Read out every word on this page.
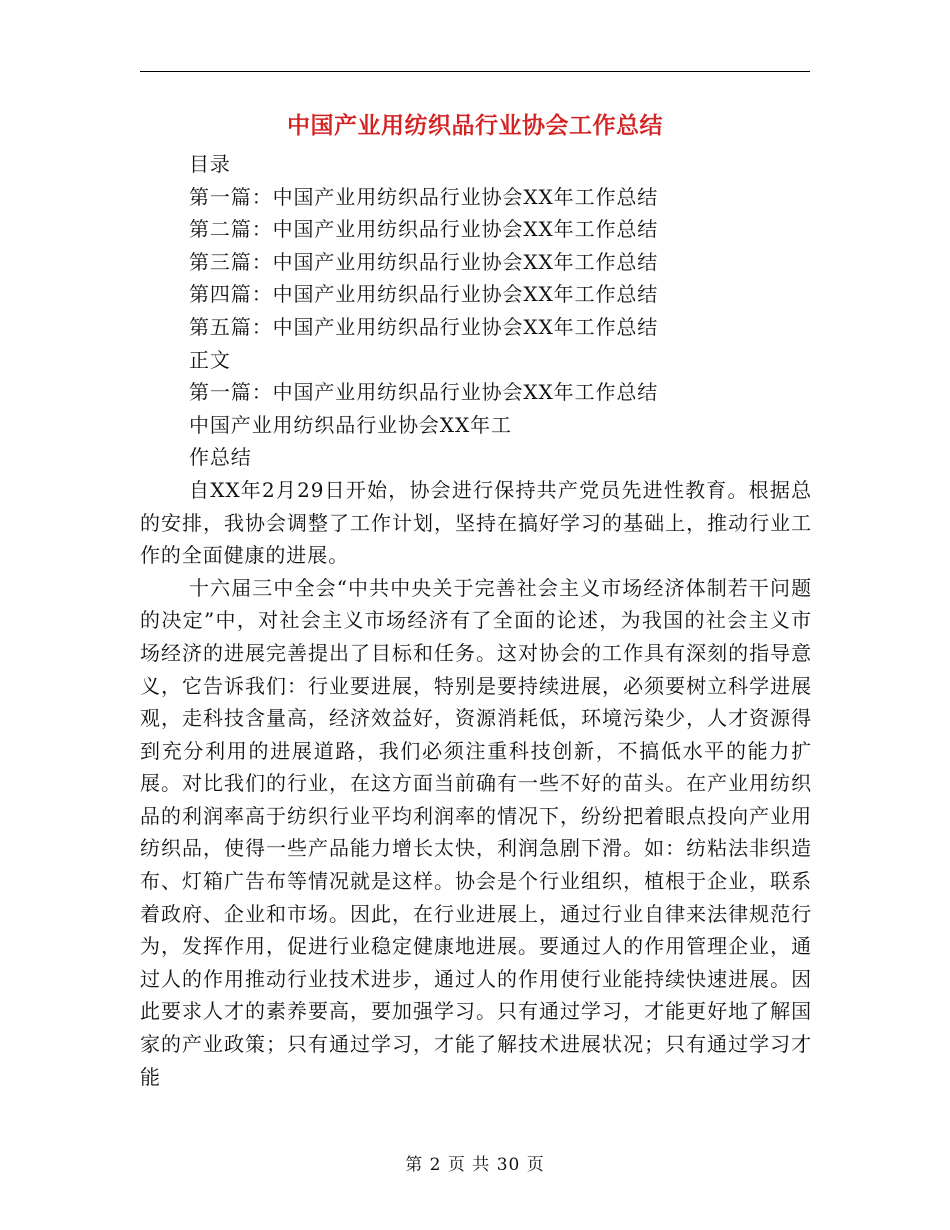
中国产业用纺织品行业协会工作总结

目录

第一篇：中国产业用纺织品行业协会XX年工作总结

第二篇：中国产业用纺织品行业协会XX年工作总结

第三篇：中国产业用纺织品行业协会XX年工作总结

第四篇：中国产业用纺织品行业协会XX年工作总结

第五篇：中国产业用纺织品行业协会XX年工作总结

正文

第一篇：中国产业用纺织品行业协会XX年工作总结

中国产业用纺织品行业协会XX年工

作总结

自XX年2月29日开始，协会进行保持共产党员先进性教育。根据总的安排，我协会调整了工作计划，坚持在搞好学习的基础上，推动行业工作的全面健康的进展。

十六届三中全会“中共中央关于完善社会主义市场经济体制若干问题的决定”中，对社会主义市场经济有了全面的论述，为我国的社会主义市场经济的进展完善提出了目标和任务。这对协会的工作具有深刻的指导意义，它告诉我们：行业要进展，特别是要持续进展，必须要树立科学进展观，走科技含量高，经济效益好，资源消耗低，环境污染少，人才资源得到充分利用的进展道路，我们必须注重科技创新，不搞低水平的能力扩展。对比我们的行业，在这方面当前确有一些不好的苗头。在产业用纺织品的利润率高于纺织行业平均利润率的情况下，纷纷把着眼点投向产业用纺织品，使得一些产品能力增长太快，利润急剧下滑。如：纺粘法非织造布、灯箱广告布等情况就是这样。协会是个行业组织，植根于企业，联系着政府、企业和市场。因此，在行业进展上，通过行业自律来法律规范行为，发挥作用，促进行业稳定健康地进展。要通过人的作用管理企业，通过人的作用推动行业技术进步，通过人的作用使行业能持续快速进展。因此要求人才的素养要高，要加强学习。只有通过学习，才能更好地了解国家的产业政策；只有通过学习，才能了解技术进展状况；只有通过学习才能

第 2 页 共 30 页
